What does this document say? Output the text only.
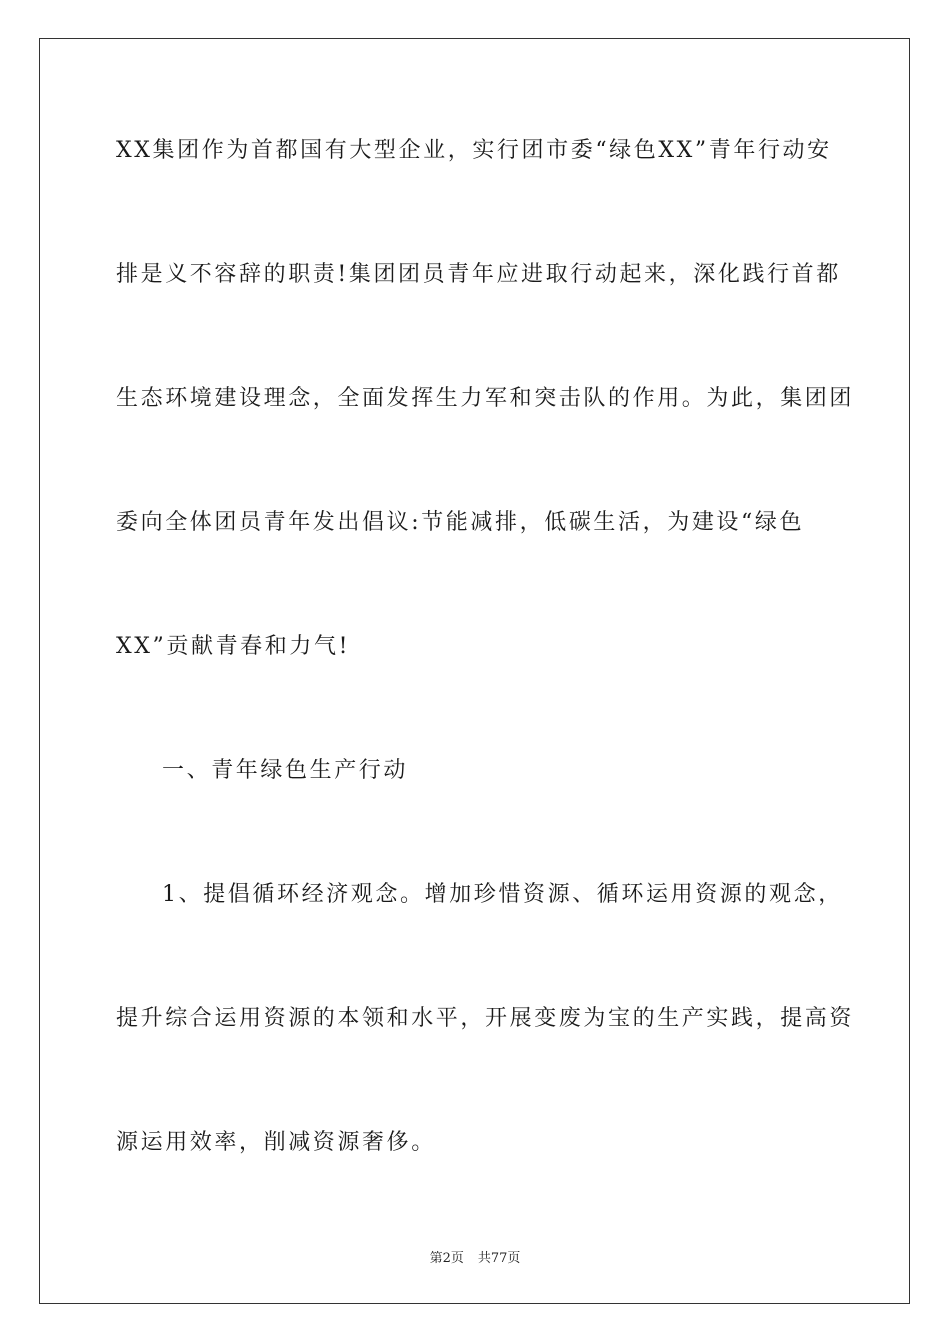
XX集团作为首都国有大型企业，实行团市委“绿色XX”青年行动安
排是义不容辞的职责!集团团员青年应进取行动起来，深化践行首都
生态环境建设理念，全面发挥生力军和突击队的作用。为此，集团团
委向全体团员青年发出倡议:节能减排，低碳生活，为建设“绿色
XX”贡献青春和力气!
一、青年绿色生产行动
1、提倡循环经济观念。增加珍惜资源、循环运用资源的观念，
提升综合运用资源的本领和水平，开展变废为宝的生产实践，提高资
源运用效率，削减资源奢侈。
第2页 共77页
